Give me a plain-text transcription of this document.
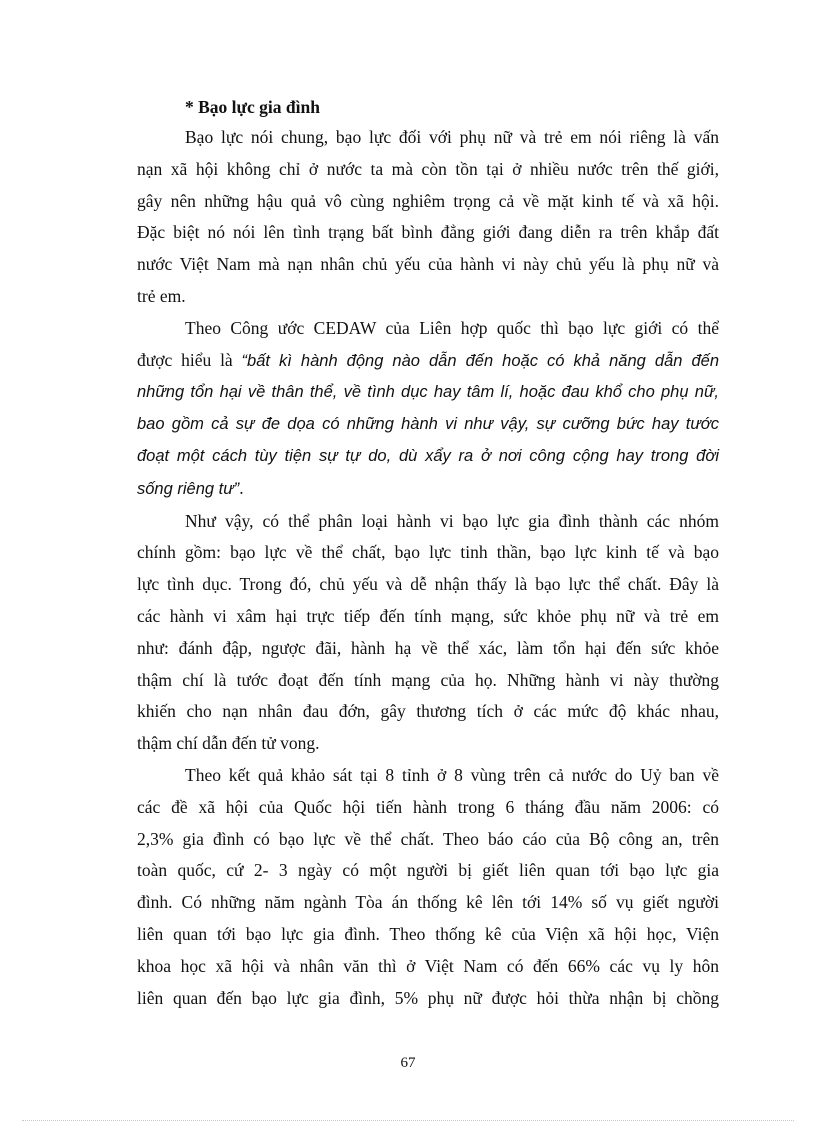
* Bạo lực gia đình

Bạo lực nói chung, bạo lực đối với phụ nữ và trẻ em nói riêng là vấn
nạn xã hội không chỉ ở nước ta mà còn tồn tại ở nhiều nước trên thế giới,
gây nên những hậu quả vô cùng nghiêm trọng cả về mặt kinh tế và xã hội.
Đặc biệt nó nói lên tình trạng bất bình đẳng giới đang diễn ra trên khắp đất
nước Việt Nam mà nạn nhân chủ yếu của hành vi này chủ yếu là phụ nữ và
trẻ em.
Theo Công ước CEDAW của Liên hợp quốc thì bạo lực giới có thể
được hiểu là “bất kì hành động nào dẫn đến hoặc có khả năng dẫn đến
những tổn hại về thân thể, về tình dục hay tâm lí, hoặc đau khổ cho phụ nữ,
bao gồm cả sự đe dọa có những hành vi như vậy, sự cưỡng bức hay tước
đoạt một cách tùy tiện sự tự do, dù xẩy ra ở nơi công cộng hay trong đời
sống riêng tư”.
Như vậy, có thể phân loại hành vi bạo lực gia đình thành các nhóm
chính gồm: bạo lực về thể chất, bạo lực tinh thần, bạo lực kinh tế và bạo
lực tình dục. Trong đó, chủ yếu và dễ nhận thấy là bạo lực thể chất. Đây là
các hành vi xâm hại trực tiếp đến tính mạng, sức khỏe phụ nữ và trẻ em
như: đánh đập, ngược đãi, hành hạ về thể xác, làm tổn hại đến sức khỏe
thậm chí là tước đoạt đến tính mạng của họ. Những hành vi này thường
khiến cho nạn nhân đau đớn, gây thương tích ở các mức độ khác nhau,
thậm chí dẫn đến tử vong.
Theo kết quả khảo sát tại 8 tỉnh ở 8 vùng trên cả nước do Uỷ ban về
các đề xã hội của Quốc hội tiến hành trong 6 tháng đầu năm 2006: có
2,3% gia đình có bạo lực về thể chất. Theo báo cáo của Bộ công an, trên
toàn quốc, cứ 2- 3 ngày có một người bị giết liên quan tới bạo lực gia
đình. Có những năm ngành Tòa án thống kê lên tới 14% số vụ giết người
liên quan tới bạo lực gia đình. Theo thống kê của Viện xã hội học, Viện
khoa học xã hội và nhân văn thì ở Việt Nam có đến 66% các vụ ly hôn
liên quan đến bạo lực gia đình, 5% phụ nữ được hỏi thừa nhận bị chồng
67
